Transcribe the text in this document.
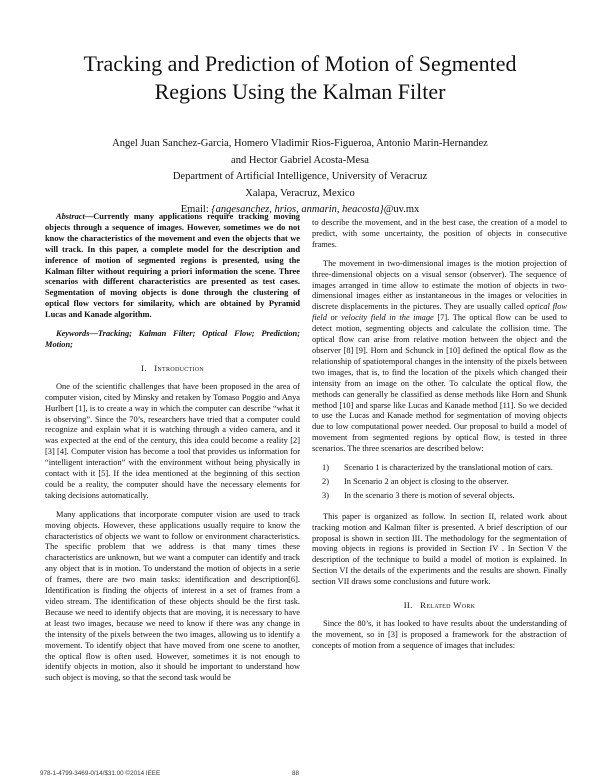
Tracking and Prediction of Motion of Segmented
Regions Using the Kalman Filter
Angel Juan Sanchez-Garcia, Homero Vladimir Rios-Figueroa, Antonio Marin-Hernandez
and Hector Gabriel Acosta-Mesa
Department of Artificial Intelligence, University of Veracruz
Xalapa, Veracruz, Mexico
Email: {angesanchez, hrios, anmarin, heacosta}@uv.mx

Abstract—Currently many applications require tracking moving objects through a sequence of images. However, sometimes we do not know the characteristics of the movement and even the objects that we will track. In this paper, a complete model for the description and inference of motion of segmented regions is presented, using the Kalman filter without requiring a priori information the scene. Three scenarios with different characteristics are presented as test cases. Segmentation of moving objects is done through the clustering of optical flow vectors for similarity, which are obtained by Pyramid Lucas and Kanade algorithm.

Keywords—Tracking; Kalman Filter; Optical Flow; Prediction; Motion;

I. Introduction

One of the scientific challenges that have been proposed in the area of computer vision, cited by Minsky and retaken by Tomaso Poggio and Anya Hurlbert [1], is to create a way in which the computer can describe “what it is observing”. Since the 70’s, researchers have tried that a computer could recognize and explain what it is watching through a video camera, and it was expected at the end of the century, this idea could become a reality [2] [3] [4]. Computer vision has become a tool that provides us information for “intelligent interaction” with the environment without being physically in contact with it [5]. If the idea mentioned at the beginning of this section could be a reality, the computer should have the necessary elements for taking decisions automatically.

Many applications that incorporate computer vision are used to track moving objects. However, these applications usually require to know the characteristics of objects we want to follow or environment characteristics. The specific problem that we address is that many times these characteristics are unknown, but we want a computer can identify and track any object that is in motion. To understand the motion of objects in a serie of frames, there are two main tasks: identification and description[6]. Identification is finding the objects of interest in a set of frames from a video stream. The identification of these objects should be the first task. Because we need to identify objects that are moving, it is necessary to have at least two images, because we need to know if there was any change in the intensity of the pixels between the two images, allowing us to identify a movement. To identify object that have moved from one scene to another, the optical flow is often used. However, sometimes it is not enough to identify objects in motion, also it should be important to understand how such object is moving, so that the second task would be

to describe the movement, and in the best case, the creation of a model to predict, with some uncertainty, the position of objects in consecutive frames.

The movement in two-dimensional images is the motion projection of three-dimensional objects on a visual sensor (observer). The sequence of images arranged in time allow to estimate the motion of objects in two-dimensional images either as instantaneous in the images or velocities in discrete displacements in the pictures. They are usually called optical flow field or velocity field in the image [7]. The optical flow can be used to detect motion, segmenting objects and calculate the collision time. The optical flow can arise from relative motion between the object and the observer [8] [9]. Horn and Schunck in [10] defined the optical flow as the relationship of spatiotemporal changes in the intensity of the pixels between two images, that is, to find the location of the pixels which changed their intensity from an image on the other. To calculate the optical flow, the methods can generally be classified as dense methods like Horn and Shunk method [10] and sparse like Lucas and Kanade method [11]. So we decided to use the Lucas and Kanade method for segmentation of moving objects due to low computational power needed. Our proposal to build a model of movement from segmented regions by optical flow, is tested in three scenarios. The three scenarios are described below:

1)	Scenario 1 is characterized by the translational motion of cars.
2)	In Scenario 2 an object is closing to the observer.
3)	In the scenario 3 there is motion of several objects.

This paper is organized as follow. In section II, related work about tracking motion and Kalman filter is presented. A brief description of our proposal is shown in section III. The methodology for the segmentation of moving objects in regions is provided in Section IV . In Section V the description of the technique to build a model of motion is explained. In Section VI the details of the experiments and the results are shown. Finally section VII draws some conclusions and future work.

II. Related Work

Since the 80’s, it has looked to have results about the understanding of the movement, so in [3] is proposed a framework for the abstraction of concepts of motion from a sequence of images that includes:

978-1-4799-3469-0/14/$31.00 ©2014 IEEE	88
